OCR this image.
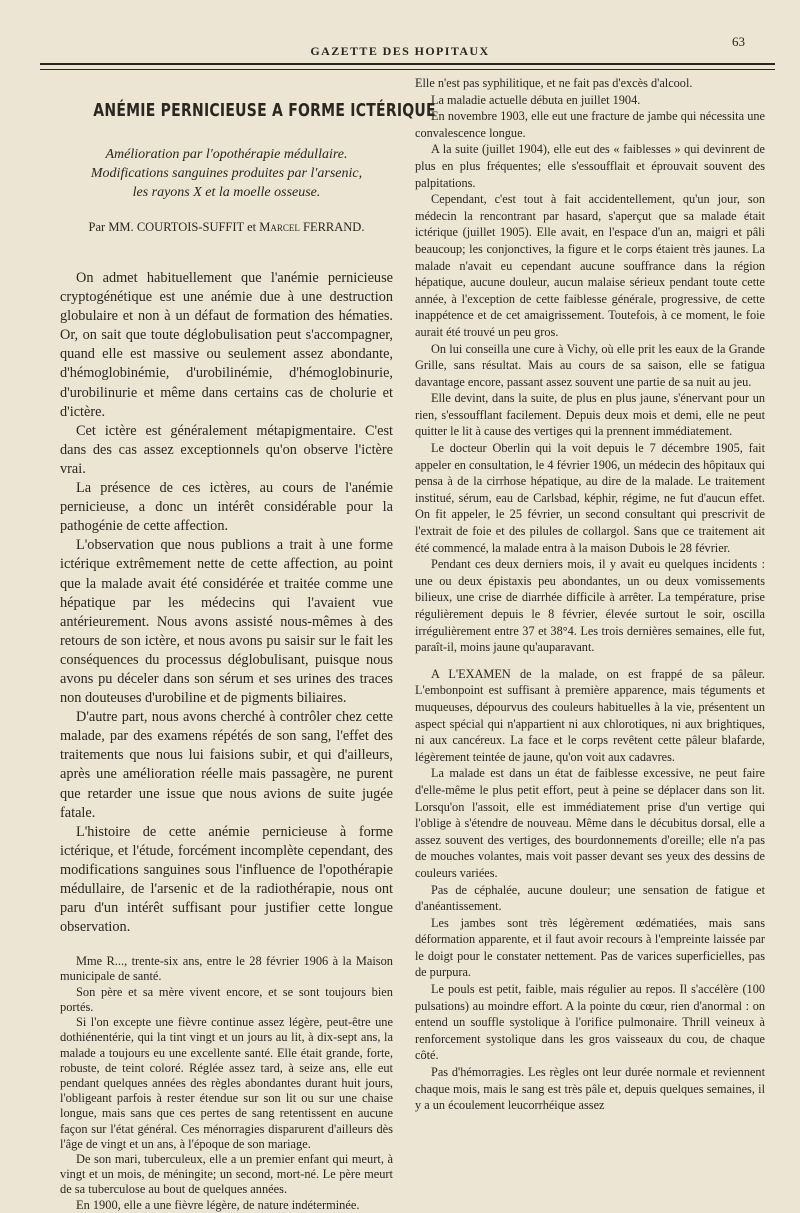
GAZETTE DES HOPITAUX
63
ANÉMIE PERNICIEUSE A FORME ICTÉRIQUE
Amélioration par l'opothérapie médullaire.
Modifications sanguines produites par l'arsenic,
les rayons X et la moelle osseuse.
Par MM. COURTOIS-SUFFIT et Marcel FERRAND.

On admet habituellement que l'anémie pernicieuse cryptogénétique est une anémie due à une destruction globulaire et non à un défaut de formation des hématies. Or, on sait que toute déglobulisation peut s'accompagner, quand elle est massive ou seulement assez abondante, d'hémoglobinémie, d'urobilinémie, d'hémoglobinurie, d'urobilinurie et même dans certains cas de cholurie et d'ictère.

Cet ictère est généralement métapigmentaire. C'est dans des cas assez exceptionnels qu'on observe l'ictère vrai.

La présence de ces ictères, au cours de l'anémie pernicieuse, a donc un intérêt considérable pour la pathogénie de cette affection.

L'observation que nous publions a trait à une forme ictérique extrêmement nette de cette affection, au point que la malade avait été considérée et traitée comme une hépatique par les médecins qui l'avaient vue antérieurement. Nous avons assisté nous-mêmes à des retours de son ictère, et nous avons pu saisir sur le fait les conséquences du processus déglobulisant, puisque nous avons pu déceler dans son sérum et ses urines des traces non douteuses d'urobiline et de pigments biliaires.

D'autre part, nous avons cherché à contrôler chez cette malade, par des examens répétés de son sang, l'effet des traitements que nous lui faisions subir, et qui d'ailleurs, après une amélioration réelle mais passagère, ne purent que retarder une issue que nous avions de suite jugée fatale.

L'histoire de cette anémie pernicieuse à forme ictérique, et l'étude, forcément incomplète cependant, des modifications sanguines sous l'influence de l'opothérapie médullaire, de l'arsenic et de la radiothérapie, nous ont paru d'un intérêt suffisant pour justifier cette longue observation.

Mme R..., trente-six ans, entre le 28 février 1906 à la Maison municipale de santé.

Son père et sa mère vivent encore, et se sont toujours bien portés.

Si l'on excepte une fièvre continue assez légère, peut-être une dothiénentérie, qui la tint vingt et un jours au lit, à dix-sept ans, la malade a toujours eu une excellente santé. Elle était grande, forte, robuste, de teint coloré. Réglée assez tard, à seize ans, elle eut pendant quelques années des règles abondantes durant huit jours, l'obligeant parfois à rester étendue sur son lit ou sur une chaise longue, mais sans que ces pertes de sang retentissent en aucune façon sur l'état général. Ces ménorragies disparurent d'ailleurs dès l'âge de vingt et un ans, à l'époque de son mariage.

De son mari, tuberculeux, elle a un premier enfant qui meurt, à vingt et un mois, de méningite; un second, mort-né. Le père meurt de sa tuberculose au bout de quelques années.

En 1900, elle a une fièvre légère, de nature indéterminée.

Elle n'est pas syphilitique, et ne fait pas d'excès d'alcool.

La maladie actuelle débuta en juillet 1904.

En novembre 1903, elle eut une fracture de jambe qui nécessita une convalescence longue.

A la suite (juillet 1904), elle eut des « faiblesses » qui devinrent de plus en plus fréquentes; elle s'essoufflait et éprouvait souvent des palpitations.

Cependant, c'est tout à fait accidentellement, qu'un jour, son médecin la rencontrant par hasard, s'aperçut que sa malade était ictérique (juillet 1905). Elle avait, en l'espace d'un an, maigri et pâli beaucoup; les conjonctives, la figure et le corps étaient très jaunes. La malade n'avait eu cependant aucune souffrance dans la région hépatique, aucune douleur, aucun malaise sérieux pendant toute cette année, à l'exception de cette faiblesse générale, progressive, de cette inappétence et de cet amaigrissement. Toutefois, à ce moment, le foie aurait été trouvé un peu gros.

On lui conseilla une cure à Vichy, où elle prit les eaux de la Grande Grille, sans résultat. Mais au cours de sa saison, elle se fatigua davantage encore, passant assez souvent une partie de sa nuit au jeu.

Elle devint, dans la suite, de plus en plus jaune, s'énervant pour un rien, s'essoufflant facilement. Depuis deux mois et demi, elle ne peut quitter le lit à cause des vertiges qui la prennent immédiatement.

Le docteur Oberlin qui la voit depuis le 7 décembre 1905, fait appeler en consultation, le 4 février 1906, un médecin des hôpitaux qui pensa à de la cirrhose hépatique, au dire de la malade. Le traitement institué, sérum, eau de Carlsbad, képhir, régime, ne fut d'aucun effet. On fit appeler, le 25 février, un second consultant qui prescrivit de l'extrait de foie et des pilules de collargol. Sans que ce traitement ait été commencé, la malade entra à la maison Dubois le 28 février.

Pendant ces deux derniers mois, il y avait eu quelques incidents : une ou deux épistaxis peu abondantes, un ou deux vomissements bilieux, une crise de diarrhée difficile à arrêter. La température, prise régulièrement depuis le 8 février, élevée surtout le soir, oscilla irrégulièrement entre 37 et 38°4. Les trois dernières semaines, elle fut, paraît-il, moins jaune qu'auparavant.

A L'EXAMEN de la malade, on est frappé de sa pâleur. L'embonpoint est suffisant à première apparence, mais téguments et muqueuses, dépourvus des couleurs habituelles à la vie, présentent un aspect spécial qui n'appartient ni aux chlorotiques, ni aux brightiques, ni aux cancéreux. La face et le corps revêtent cette pâleur blafarde, légèrement teintée de jaune, qu'on voit aux cadavres.

La malade est dans un état de faiblesse excessive, ne peut faire d'elle-même le plus petit effort, peut à peine se déplacer dans son lit. Lorsqu'on l'assoit, elle est immédiatement prise d'un vertige qui l'oblige à s'étendre de nouveau. Même dans le décubitus dorsal, elle a assez souvent des vertiges, des bourdonnements d'oreille; elle n'a pas de mouches volantes, mais voit passer devant ses yeux des dessins de couleurs variées.

Pas de céphalée, aucune douleur; une sensation de fatigue et d'anéantissement.

Les jambes sont très légèrement œdématiées, mais sans déformation apparente, et il faut avoir recours à l'empreinte laissée par le doigt pour le constater nettement. Pas de varices superficielles, pas de purpura.

Le pouls est petit, faible, mais régulier au repos. Il s'accélère (100 pulsations) au moindre effort. A la pointe du cœur, rien d'anormal : on entend un souffle systolique à l'orifice pulmonaire. Thrill veineux à renforcement systolique dans les gros vaisseaux du cou, de chaque côté.

Pas d'hémorragies. Les règles ont leur durée normale et reviennent chaque mois, mais le sang est très pâle et, depuis quelques semaines, il y a un écoulement leucorrhéique assez
